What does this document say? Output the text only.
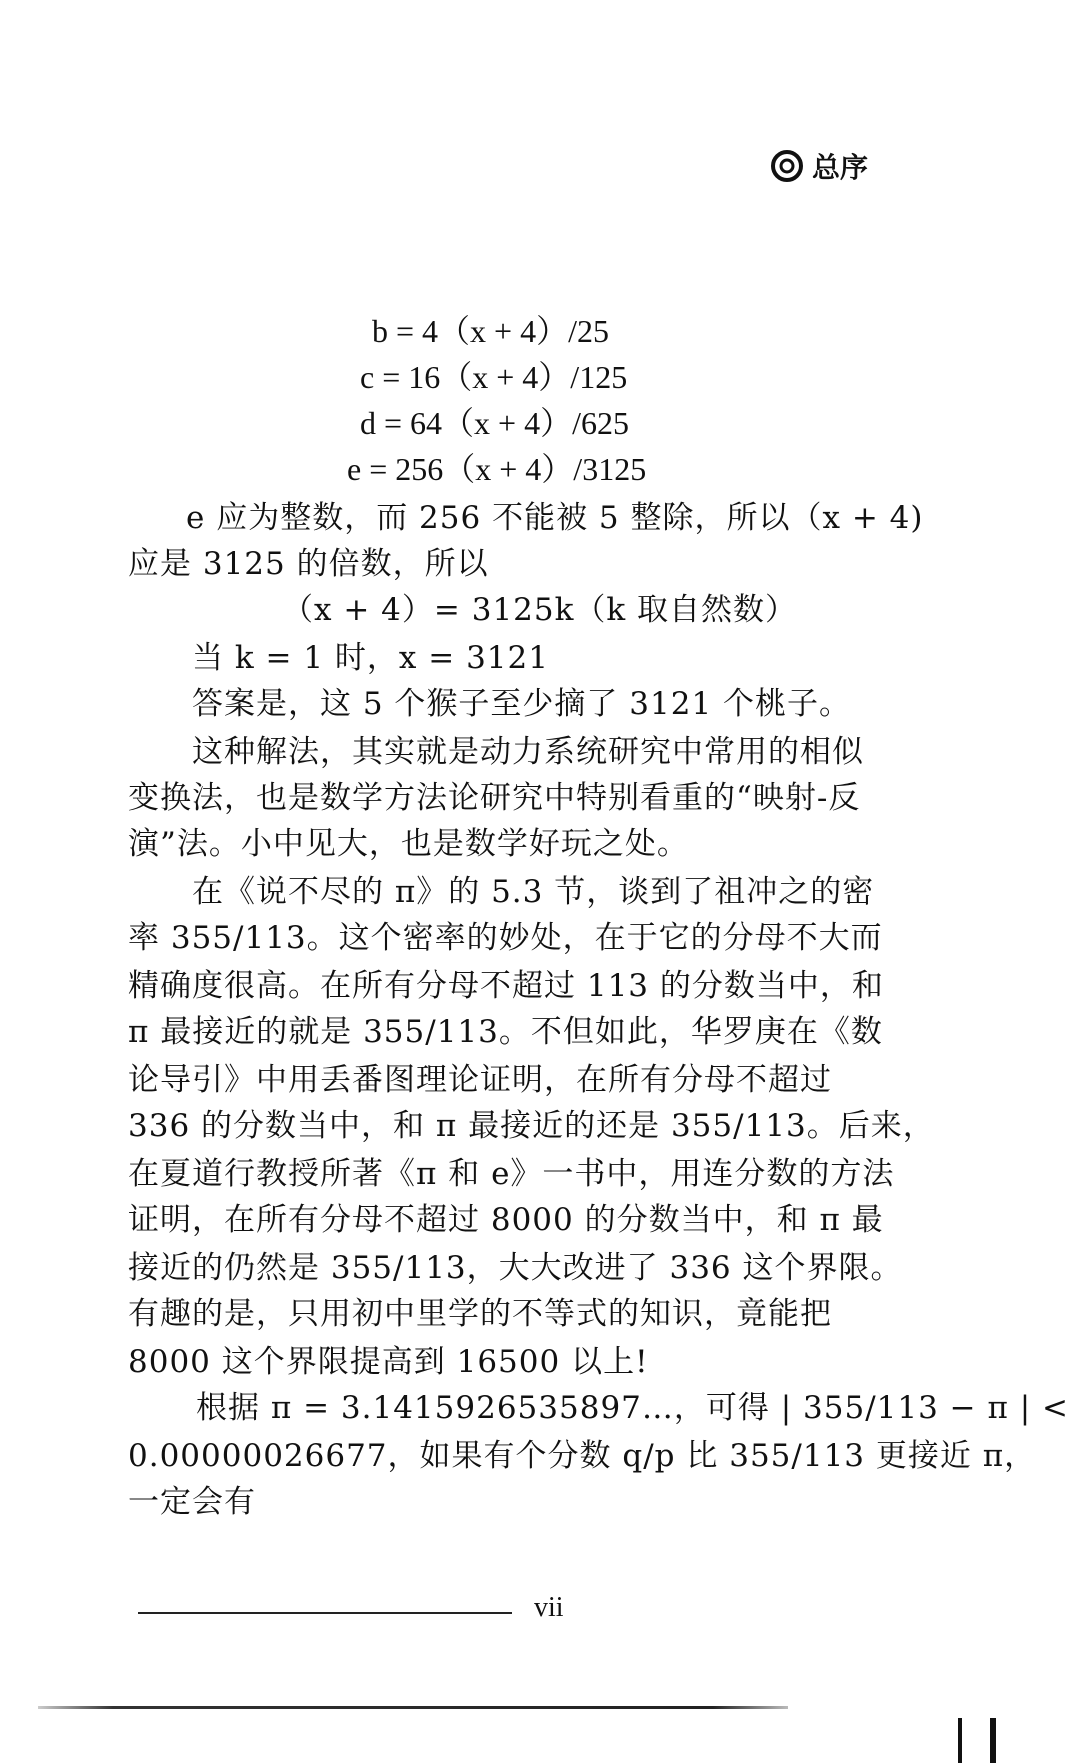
总序
b = 4（x + 4）/25
c = 16（x + 4）/125
d = 64（x + 4）/625
e = 256（x + 4）/3125
e 应为整数，而 256 不能被 5 整除，所以（x + 4)
应是 3125 的倍数，所以
（x + 4）= 3125k（k 取自然数）
当 k = 1 时，x = 3121
答案是，这 5 个猴子至少摘了 3121 个桃子。
这种解法，其实就是动力系统研究中常用的相似
变换法，也是数学方法论研究中特别看重的“映射-反
演”法。小中见大，也是数学好玩之处。
在《说不尽的 π》的 5.3 节，谈到了祖冲之的密
率 355/113。这个密率的妙处，在于它的分母不大而
精确度很高。在所有分母不超过 113 的分数当中，和
π 最接近的就是 355/113。不但如此，华罗庚在《数
论导引》中用丢番图理论证明，在所有分母不超过
336 的分数当中，和 π 最接近的还是 355/113。后来，
在夏道行教授所著《π 和 e》一书中，用连分数的方法
证明，在所有分母不超过 8000 的分数当中，和 π 最
接近的仍然是 355/113，大大改进了 336 这个界限。
有趣的是，只用初中里学的不等式的知识，竟能把
8000 这个界限提高到 16500 以上!
根据 π = 3.1415926535897…，可得 | 355/113 − π | <
0.00000026677，如果有个分数 q/p 比 355/113 更接近 π，
一定会有
vii
